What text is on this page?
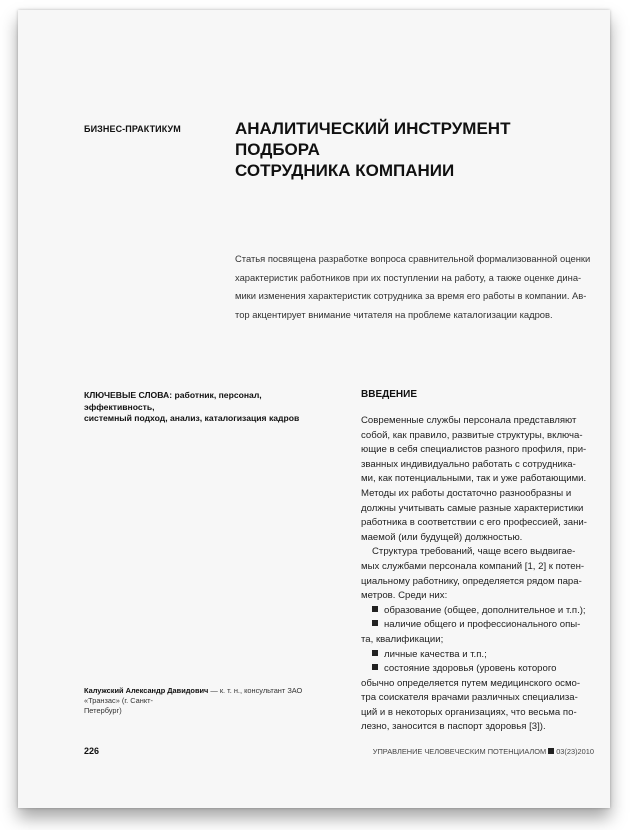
БИЗНЕС-ПРАКТИКУМ	АНАЛИТИЧЕСКИЙ ИНСТРУМЕНТ ПОДБОРА
СОТРУДНИКА КОМПАНИИ
Статья посвящена разработке вопроса сравнительной формализованной оценки
характеристик работников при их поступлении на работу, а также оценке дина-
мики изменения характеристик сотрудника за время его работы в компании. Ав-
тор акцентирует внимание читателя на проблеме каталогизации кадров.
КЛЮЧЕВЫЕ СЛОВА: работник, персонал, эффективность,
системный подход, анализ, каталогизация кадров
ВВЕДЕНИЕ
Современные службы персонала представляют
собой, как правило, развитые структуры, включа-
ющие в себя специалистов разного профиля, при-
званных индивидуально работать с сотрудника-
ми, как потенциальными, так и уже работающими.
Методы их работы достаточно разнообразны и
должны учитывать самые разные характеристики
работника в соответствии с его профессией, зани-
маемой (или будущей) должностью.
Структура требований, чаще всего выдвигае-
мых службами персонала компаний [1, 2] к потен-
циальному работнику, определяется рядом пара-
метров. Среди них:
образование (общее, дополнительное и т.п.);
наличие общего и профессионального опы-
та, квалификации;
личные качества и т.п.;
состояние здоровья (уровень которого
обычно определяется путем медицинского осмо-
тра соискателя врачами различных специализа-
ций и в некоторых организациях, что весьма по-
лезно, заносится в паспорт здоровья [3]).
Калужский Александр Давидович — к. т. н., консультант ЗАО «Транзас» (г. Санкт-
Петербург)
226	УПРАВЛЕНИЕ ЧЕЛОВЕЧЕСКИМ ПОТЕНЦИАЛОМ 03(23)2010
